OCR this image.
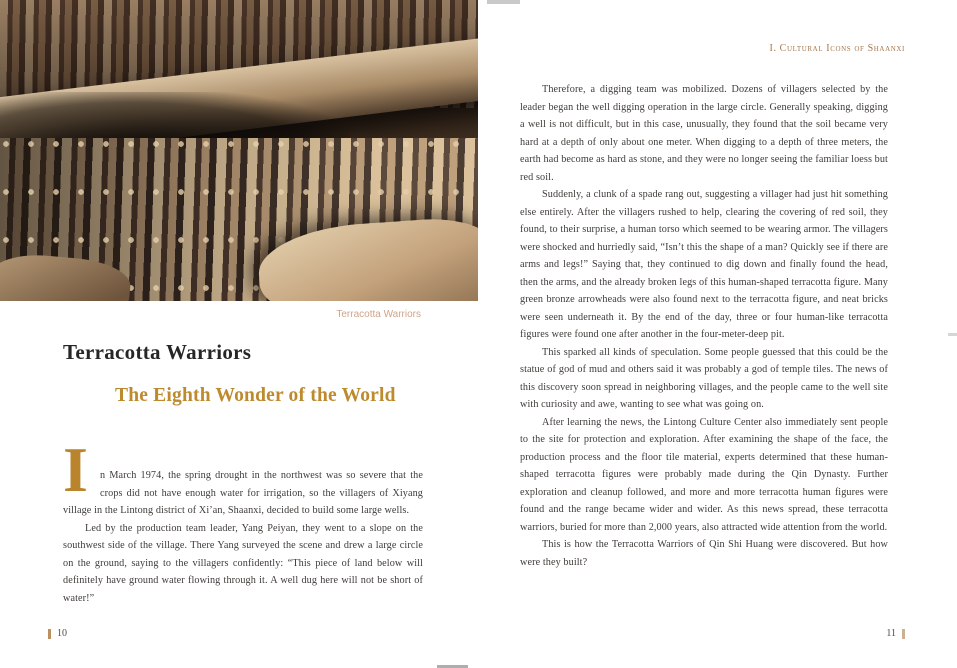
Terracotta Warriors
Terracotta Warriors
The Eighth Wonder of the World
I	n March 1974, the spring drought in the northwest was so severe that the crops did not have enough water for irrigation, so the villagers of Xiyang village in the Lintong district of Xi’an, Shaanxi, decided to build some large wells.

Led by the production team leader, Yang Peiyan, they went to a slope on the southwest side of the village. There Yang surveyed the scene and drew a large circle on the ground, saying to the villagers confidently: “This piece of land below will definitely have ground water flowing through it. A well dug here will not be short of water!”

10
I. Cultural Icons of Shaanxi

Therefore, a digging team was mobilized. Dozens of villagers selected by the leader began the well digging operation in the large circle. Generally speaking, digging a well is not difficult, but in this case, unusually, they found that the soil became very hard at a depth of only about one meter. When digging to a depth of three meters, the earth had become as hard as stone, and they were no longer seeing the familiar loess but red soil.

Suddenly, a clunk of a spade rang out, suggesting a villager had just hit something else entirely. After the villagers rushed to help, clearing the covering of red soil, they found, to their surprise, a human torso which seemed to be wearing armor. The villagers were shocked and hurriedly said, “Isn’t this the shape of a man? Quickly see if there are arms and legs!” Saying that, they continued to dig down and finally found the head, then the arms, and the already broken legs of this human-shaped terracotta figure. Many green bronze arrowheads were also found next to the terracotta figure, and neat bricks were seen underneath it. By the end of the day, three or four human-like terracotta figures were found one after another in the four-meter-deep pit.

This sparked all kinds of speculation. Some people guessed that this could be the statue of god of mud and others said it was probably a god of temple tiles. The news of this discovery soon spread in neighboring villages, and the people came to the well site with curiosity and awe, wanting to see what was going on.

After learning the news, the Lintong Culture Center also immediately sent people to the site for protection and exploration. After examining the shape of the face, the production process and the floor tile material, experts determined that these human-shaped terracotta figures were probably made during the Qin Dynasty. Further exploration and cleanup followed, and more and more terracotta human figures were found and the range became wider and wider. As this news spread, these terracotta warriors, buried for more than 2,000 years, also attracted wide attention from the world.

This is how the Terracotta Warriors of Qin Shi Huang were discovered. But how were they built?

11
